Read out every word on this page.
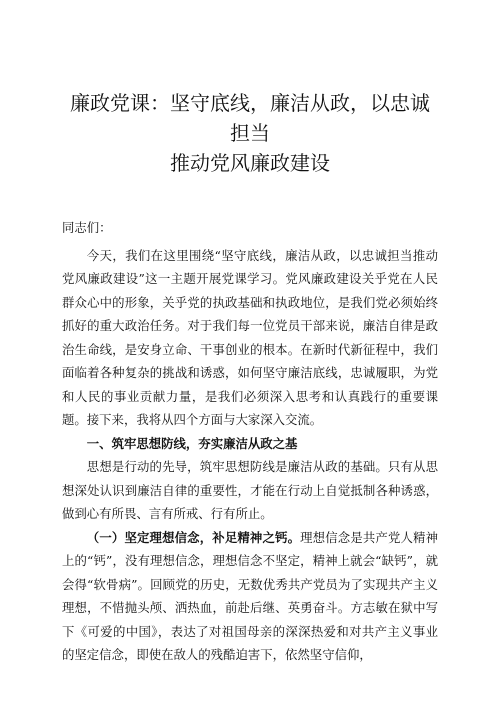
廉政党课：坚守底线，廉洁从政，以忠诚担当
推动党风廉政建设

同志们：

今天，我们在这里围绕“坚守底线，廉洁从政，以忠诚担当推动党风廉政建设”这一主题开展党课学习。党风廉政建设关乎党在人民群众心中的形象，关乎党的执政基础和执政地位，是我们党必须始终抓好的重大政治任务。对于我们每一位党员干部来说，廉洁自律是政治生命线，是安身立命、干事创业的根本。在新时代新征程中，我们面临着各种复杂的挑战和诱惑，如何坚守廉洁底线，忠诚履职，为党和人民的事业贡献力量，是我们必须深入思考和认真践行的重要课题。接下来，我将从四个方面与大家深入交流。

一、筑牢思想防线，夯实廉洁从政之基

思想是行动的先导，筑牢思想防线是廉洁从政的基础。只有从思想深处认识到廉洁自律的重要性，才能在行动上自觉抵制各种诱惑，做到心有所畏、言有所戒、行有所止。

（一）坚定理想信念，补足精神之钙。理想信念是共产党人精神上的“钙”，没有理想信念，理想信念不坚定，精神上就会“缺钙”，就会得“软骨病”。回顾党的历史，无数优秀共产党员为了实现共产主义理想，不惜抛头颅、洒热血，前赴后继、英勇奋斗。方志敏在狱中写下《可爱的中国》，表达了对祖国母亲的深深热爱和对共产主义事业的坚定信念，即使在敌人的残酷迫害下，依然坚守信仰，
